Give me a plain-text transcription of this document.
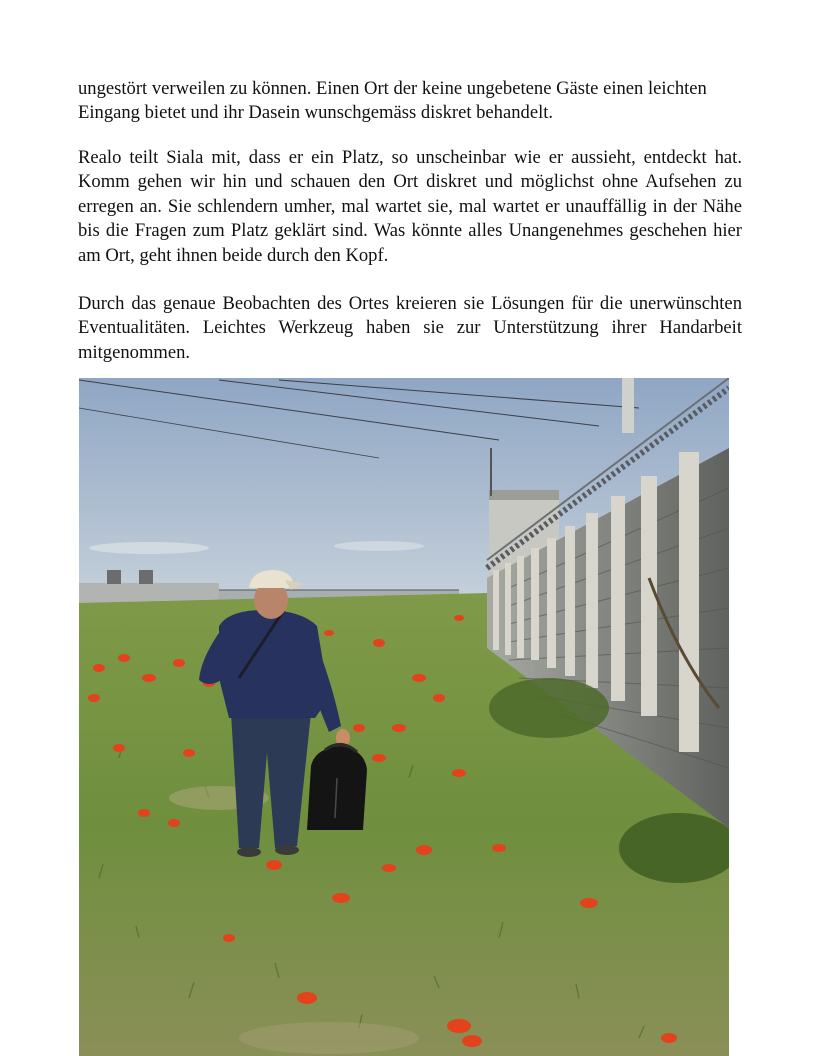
ungestört verweilen zu können. Einen Ort der keine ungebetene Gäste einen leichten Eingang bietet und ihr Dasein wunschgemäss diskret behandelt.

Realo teilt Siala mit, dass er ein Platz, so unscheinbar wie er aussieht, entdeckt hat. Komm gehen wir hin und schauen den Ort diskret und möglichst ohne Aufsehen zu erregen an. Sie schlendern umher, mal wartet sie, mal wartet er unauffällig in der Nähe bis die Fragen zum Platz geklärt sind. Was könnte alles Unangenehmes geschehen hier am Ort, geht ihnen beide durch den Kopf.

Durch das genaue Beobachten des Ortes kreieren sie Lösungen für die unerwünschten Eventualitäten. Leichtes Werkzeug haben sie zur Unterstützung ihrer Handarbeit mitgenommen.
